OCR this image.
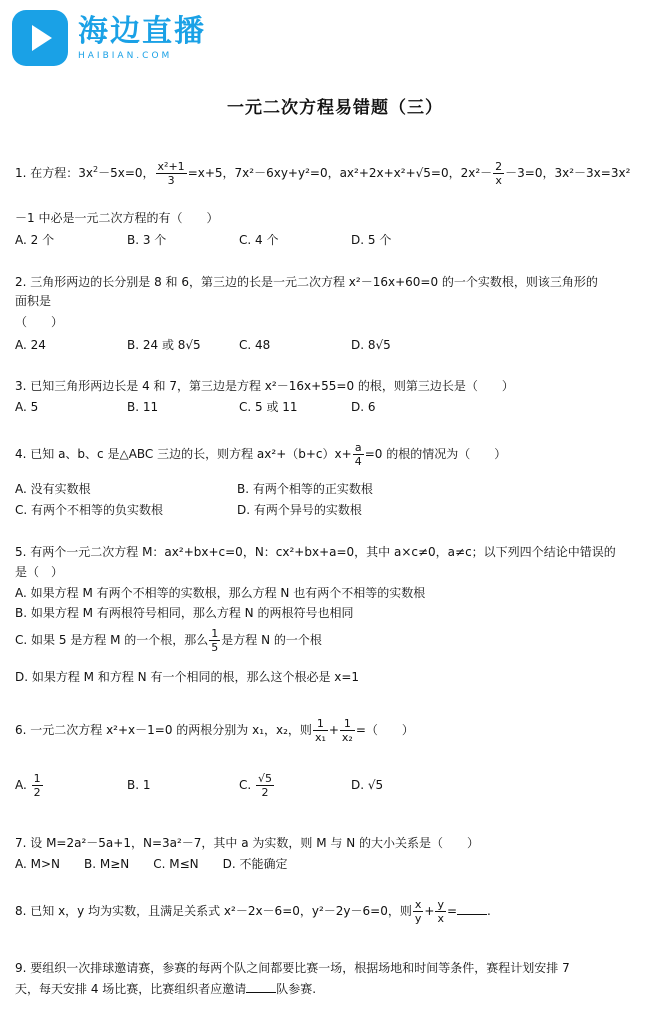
海边直播
HAIBIAN.COM
一元二次方程易错题（三）
1. 在方程：$3x^2-5x=0$， $\frac{\text{x²+1}}{3} =x+5$，7x²－6xy+y²=0，ax²+2x+x²+√5=0，$2x^2- \frac{2}{x} -3=0$，3x²－3x=3x²
－1 中必是一元二次方程的有（　　）
A. 2 个	B. 3 个	C. 4 个	D. 5 个
2. 三角形两边的长分别是 8 和 6，第三边的长是一元二次方程 x²－16x+60=0 的一个实数根，则该三角形的
面积是
（　　）
A. 24	B. 24 或 8√5	C. 48	D. 8√5
3. 已知三角形两边长是 4 和 7，第三边是方程 x²－16x+55=0 的根，则第三边长是（　　）
A. 5	B. 11	C. 5 或 11	D. 6
4. 已知 a、b、c 是△ABC 三边的长，则方程 $ax^2+(b+c)x+ \frac{a}{4} =0$ 的根的情况为（　　）
A. 没有实数根	B. 有两个相等的正实数根
C. 有两个不相等的负实数根	D. 有两个异号的实数根
5. 有两个一元二次方程 M：ax²+bx+c=0，N：cx²+bx+a=0，其中 a×c≠0，a≠c；以下列四个结论中错误的
是（　）
A. 如果方程 M 有两个不相等的实数根，那么方程 N 也有两个不相等的实数根
B. 如果方程 M 有两根符号相同，那么方程 N 的两根符号也相同
C. 如果 5 是方程 M 的一个根，那么 $\frac{1}{5}$ 是方程 N 的一个根
D. 如果方程 M 和方程 N 有一个相同的根，那么这个根必是 x=1
6. 一元二次方程 x²+x－1=0 的两根分别为 x₁，x₂，则 $\frac{1}{\text{x₁}} + \frac{1}{\text{x₂}}$ =（　　）
A. $\frac{1}{2}$	B. 1	C. $\frac{√5}{2}$	D. √5
7. 设 M=2a²－5a+1，N=3a²－7，其中 a 为实数，则 M 与 N 的大小关系是（　　）
A. M>N　　B. M≥N　　C. M≤N　　D. 不能确定
8. 已知 x，y 均为实数，且满足关系式 x²－2x－6=0，y²－2y－6=0，则 $\frac{x}{y} + \frac{y}{x}$ =	.
9. 要组织一次排球邀请赛，参赛的每两个队之间都要比赛一场，根据场地和时间等条件，赛程计划安排 7
天，每天安排 4 场比赛，比赛组织者应邀请	队参赛.
